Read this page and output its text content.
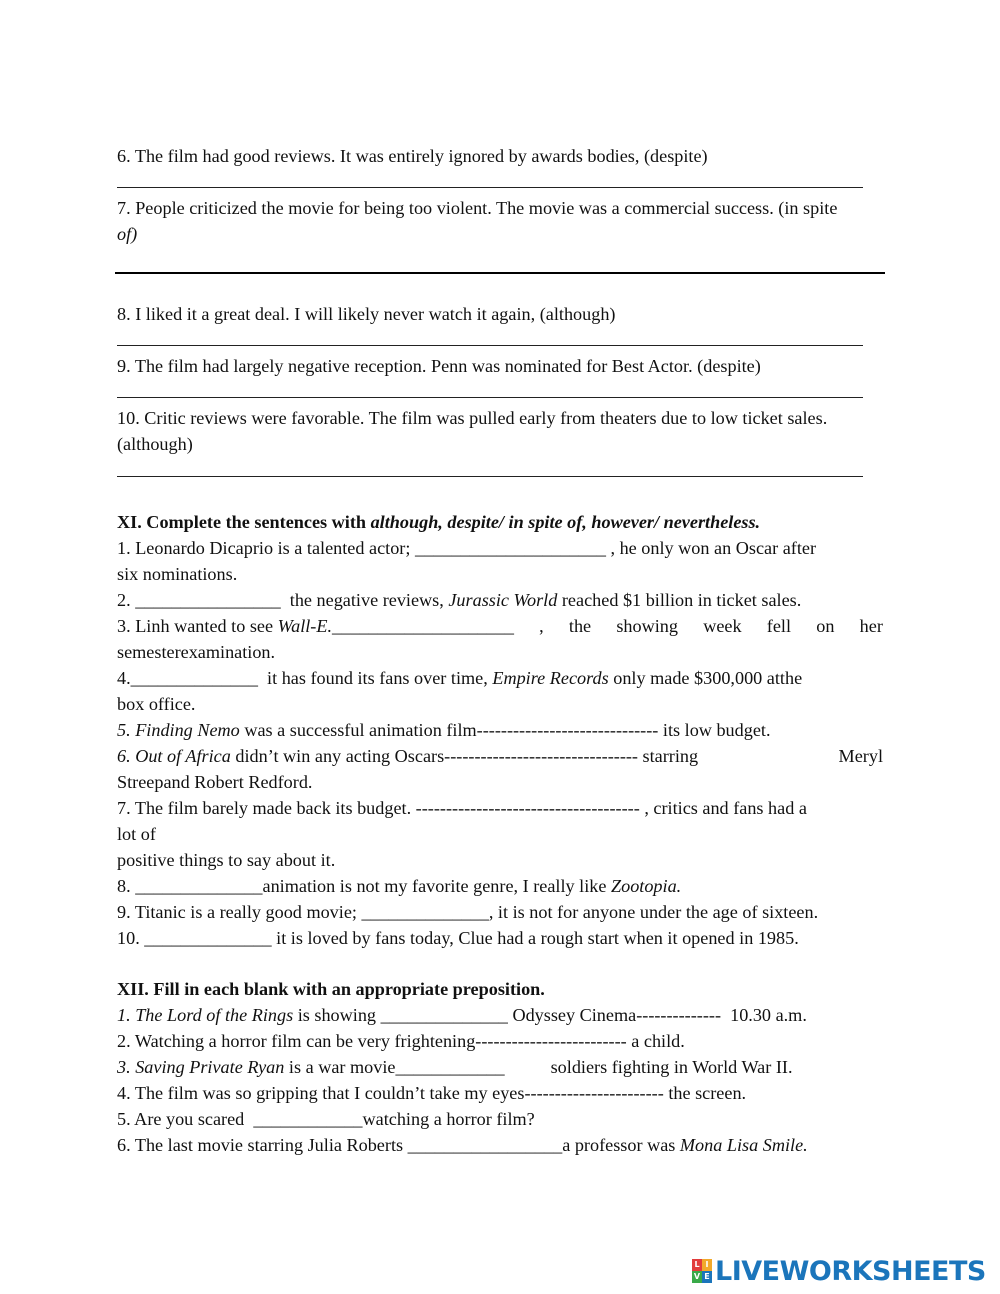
6. The film had good reviews. It was entirely ignored by awards bodies, (despite)
7. People criticized the movie for being too violent. The movie was a commercial success. (in spite
of)
8. I liked it a great deal. I will likely never watch it again, (although)
9. The film had largely negative reception. Penn was nominated for Best Actor. (despite)
10. Critic reviews were favorable. The film was pulled early from theaters due to low ticket sales.
(although)
XI. Complete the sentences with although, despite/ in spite of, however/ nevertheless.
1. Leonardo Dicaprio is a talented actor; _____________________ , he only won an Oscar after
six nominations.
2. ________________  the negative reviews, Jurassic World reached $1 billion in ticket sales.
3. Linh wanted to see Wall-E.____________________ , the showing week fell on her
semesterexamination.
4.______________  it has found its fans over time, Empire Records only made $300,000 atthe
box office.
5. Finding Nemo was a successful animation film------------------------------ its low budget.
6. Out of Africa didn’t win any acting Oscars-------------------------------- starring	Meryl
Streepand Robert Redford.
7. The film barely made back its budget. ------------------------------------- , critics and fans had a
lot of
positive things to say about it.
8. ______________animation is not my favorite genre, I really like Zootopia.
9. Titanic is a really good movie; ______________, it is not for anyone under the age of sixteen.
10. ______________ it is loved by fans today, Clue had a rough start when it opened in 1985.
XII. Fill in each blank with an appropriate preposition.
1. The Lord of the Rings is showing ______________ Odyssey Cinema--------------  10.30 a.m.
2. Watching a horror film can be very frightening------------------------- a child.
3. Saving Private Ryan is a war movie____________	soldiers fighting in World War II.
4. The film was so gripping that I couldn’t take my eyes----------------------- the screen.
5. Are you scared  ____________watching a horror film?
6. The last movie starring Julia Roberts _________________a professor was Mona Lisa Smile.
L I
V E LIVEWORKSHEETS
